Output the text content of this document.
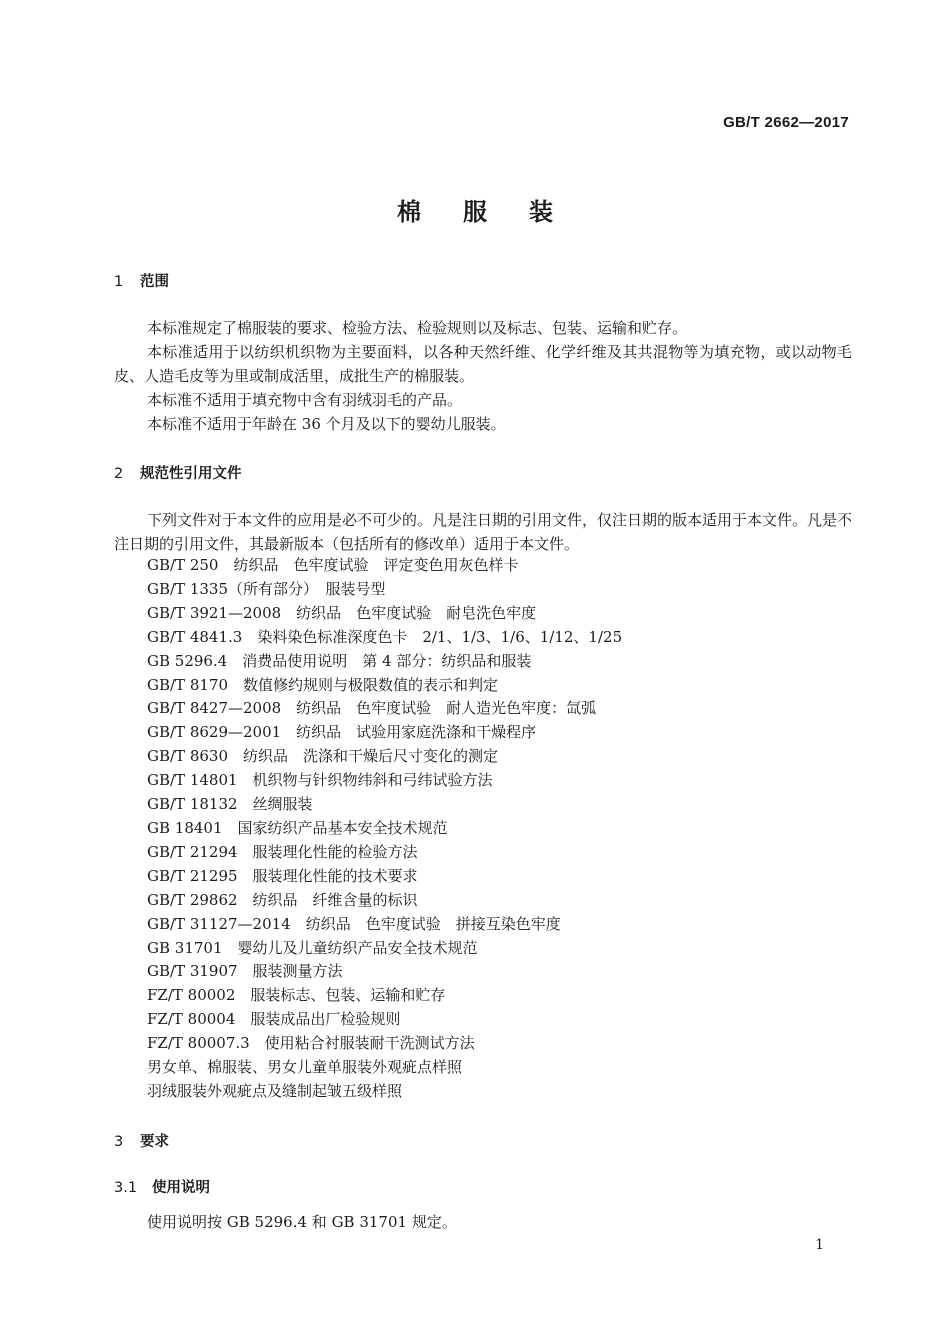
GB/T 2662—2017
棉服装
1 范围

本标准规定了棉服装的要求、检验方法、检验规则以及标志、包装、运输和贮存。

本标准适用于以纺织机织物为主要面料，以各种天然纤维、化学纤维及其共混物等为填充物，或以动物毛皮、人造毛皮等为里或制成活里，成批生产的棉服装。

本标准不适用于填充物中含有羽绒羽毛的产品。

本标准不适用于年龄在 36 个月及以下的婴幼儿服装。

2 规范性引用文件

下列文件对于本文件的应用是必不可少的。凡是注日期的引用文件，仅注日期的版本适用于本文件。凡是不注日期的引用文件，其最新版本（包括所有的修改单）适用于本文件。

GB/T 250　纺织品　色牢度试验　评定变色用灰色样卡
GB/T 1335（所有部分）　服装号型
GB/T 3921—2008　纺织品　色牢度试验　耐皂洗色牢度
GB/T 4841.3　染料染色标准深度色卡　2/1、1/3、1/6、1/12、1/25
GB 5296.4　消费品使用说明　第 4 部分：纺织品和服装
GB/T 8170　数值修约规则与极限数值的表示和判定
GB/T 8427—2008　纺织品　色牢度试验　耐人造光色牢度：氙弧
GB/T 8629—2001　纺织品　试验用家庭洗涤和干燥程序
GB/T 8630　纺织品　洗涤和干燥后尺寸变化的测定
GB/T 14801　机织物与针织物纬斜和弓纬试验方法
GB/T 18132　丝绸服装
GB 18401　国家纺织产品基本安全技术规范
GB/T 21294　服装理化性能的检验方法
GB/T 21295　服装理化性能的技术要求
GB/T 29862　纺织品　纤维含量的标识
GB/T 31127—2014　纺织品　色牢度试验　拼接互染色牢度
GB 31701　婴幼儿及儿童纺织产品安全技术规范
GB/T 31907　服装测量方法
FZ/T 80002　服装标志、包装、运输和贮存
FZ/T 80004　服装成品出厂检验规则
FZ/T 80007.3　使用粘合衬服装耐干洗测试方法
男女单、棉服装、男女儿童单服装外观疵点样照
羽绒服装外观疵点及缝制起皱五级样照
3 要求
3.1 使用说明

使用说明按 GB 5296.4 和 GB 31701 规定。

1
